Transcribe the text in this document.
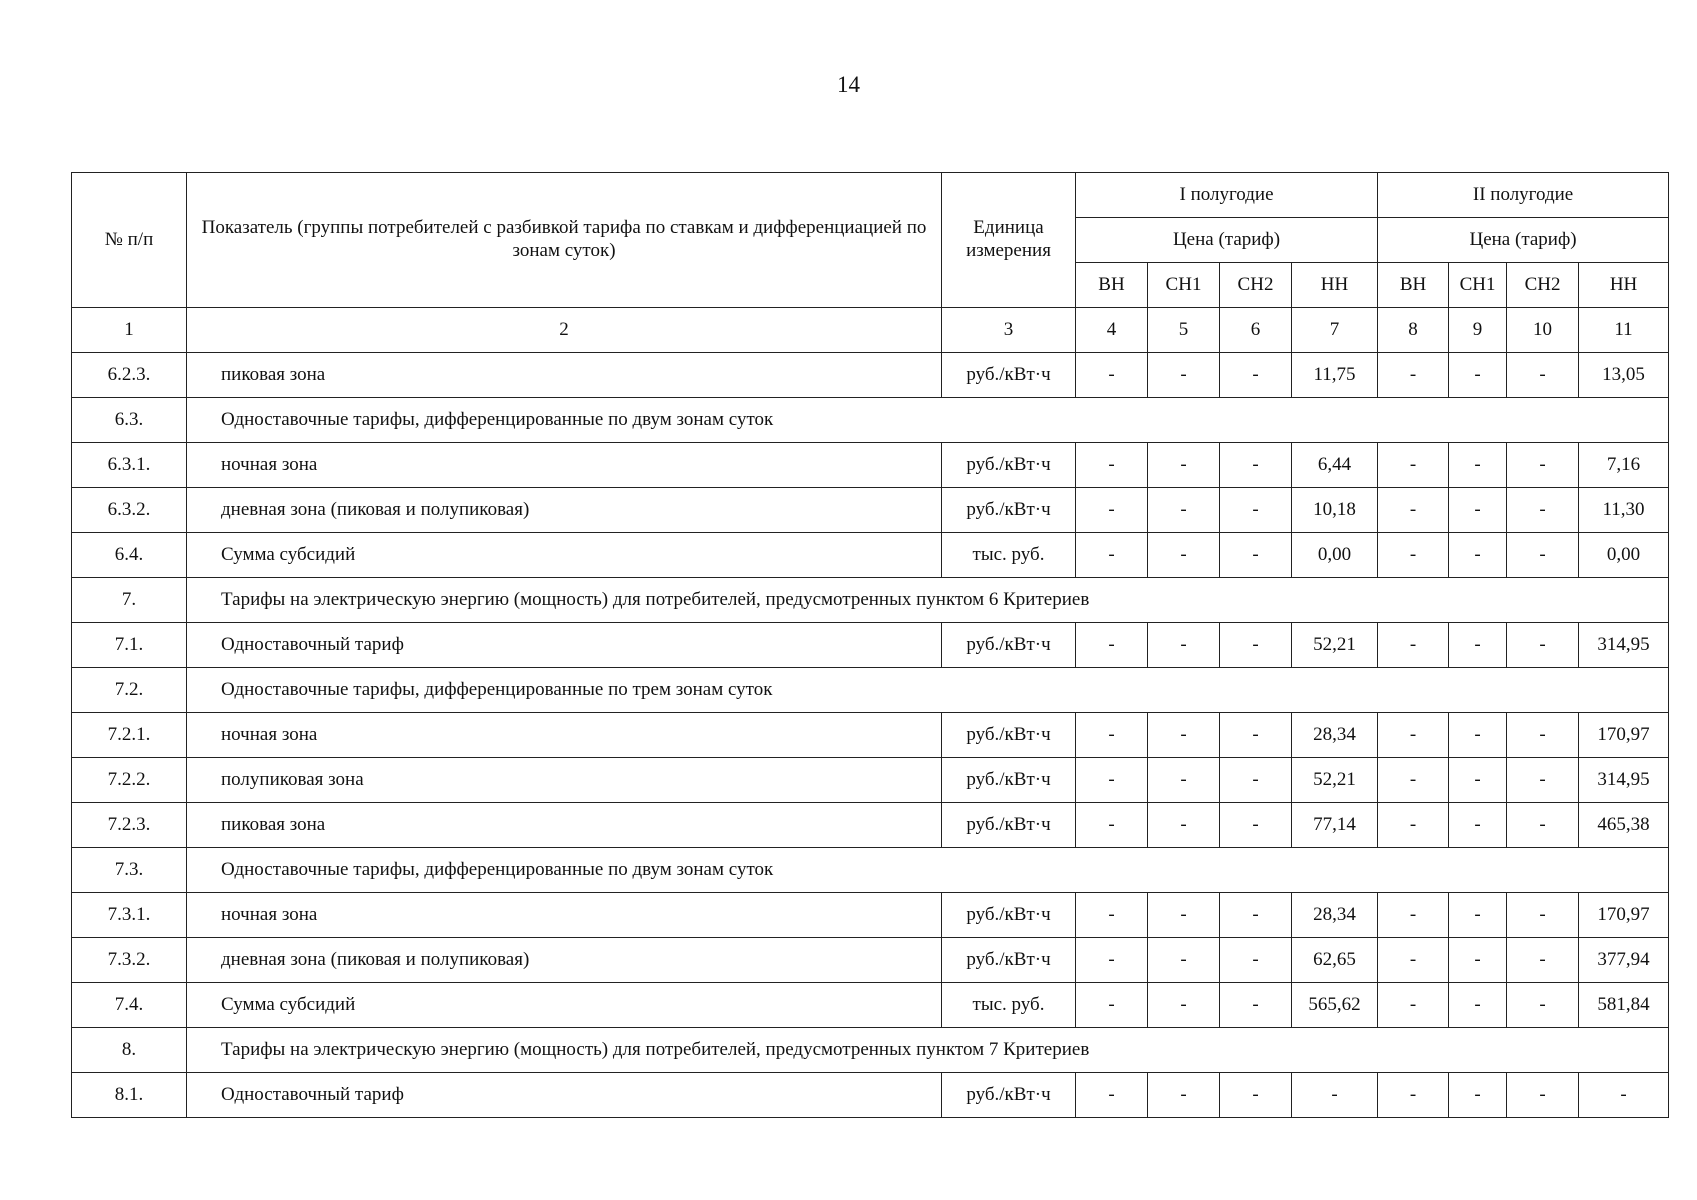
14
№ п/п	Показатель (группы потребителей с разбивкой тарифа по ставкам и дифференциацией по зонам суток)	Единица измерения	I полугодие				II полугодие			
			Цена (тариф)				Цена (тариф)			
			ВН	СН1	СН2	НН	ВН	СН1	СН2	НН
1	2	3	4	5	6	7	8	9	10	11
6.2.3.	пиковая зона	руб./кВт·ч	-	-	-	11,75	-	-	-	13,05
6.3.	Одноставочные тарифы, дифференцированные по двум зонам суток									
6.3.1.	ночная зона	руб./кВт·ч	-	-	-	6,44	-	-	-	7,16
6.3.2.	дневная зона (пиковая и полупиковая)	руб./кВт·ч	-	-	-	10,18	-	-	-	11,30
6.4.	Сумма субсидий	тыс. руб.	-	-	-	0,00	-	-	-	0,00
7.	Тарифы на электрическую энергию (мощность) для потребителей, предусмотренных пунктом 6 Критериев									
7.1.	Одноставочный тариф	руб./кВт·ч	-	-	-	52,21	-	-	-	314,95
7.2.	Одноставочные тарифы, дифференцированные по трем зонам суток									
7.2.1.	ночная зона	руб./кВт·ч	-	-	-	28,34	-	-	-	170,97
7.2.2.	полупиковая зона	руб./кВт·ч	-	-	-	52,21	-	-	-	314,95
7.2.3.	пиковая зона	руб./кВт·ч	-	-	-	77,14	-	-	-	465,38
7.3.	Одноставочные тарифы, дифференцированные по двум зонам суток									
7.3.1.	ночная зона	руб./кВт·ч	-	-	-	28,34	-	-	-	170,97
7.3.2.	дневная зона (пиковая и полупиковая)	руб./кВт·ч	-	-	-	62,65	-	-	-	377,94
7.4.	Сумма субсидий	тыс. руб.	-	-	-	565,62	-	-	-	581,84
8.	Тарифы на электрическую энергию (мощность) для потребителей, предусмотренных пунктом 7 Критериев									
8.1.	Одноставочный тариф	руб./кВт·ч	-	-	-	-	-	-	-	-
